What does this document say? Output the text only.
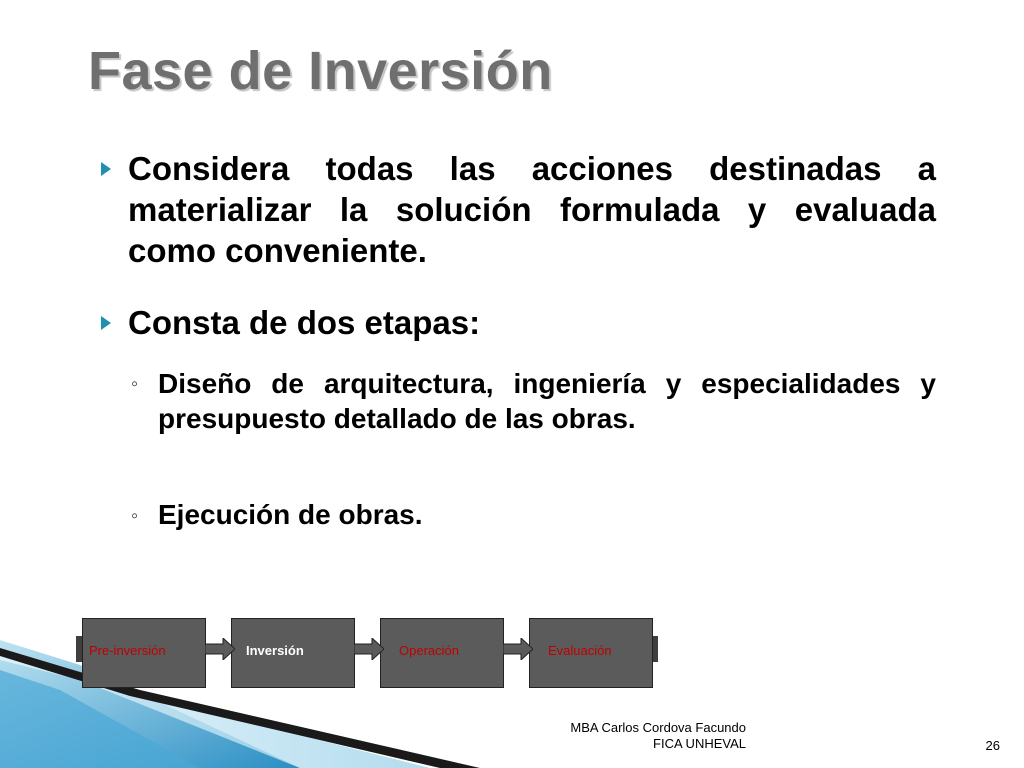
Fase de Inversión
Considera todas las acciones destinadas a materializar la solución formulada y evaluada como conveniente.
Consta de dos etapas:
◦ Diseño de arquitectura, ingeniería y especialidades y presupuesto detallado de las obras.
◦ Ejecución de obras.
Pre-inversión	Inversión	Operación	Evaluación
MBA Carlos Cordova Facundo
FICA UNHEVAL	26
